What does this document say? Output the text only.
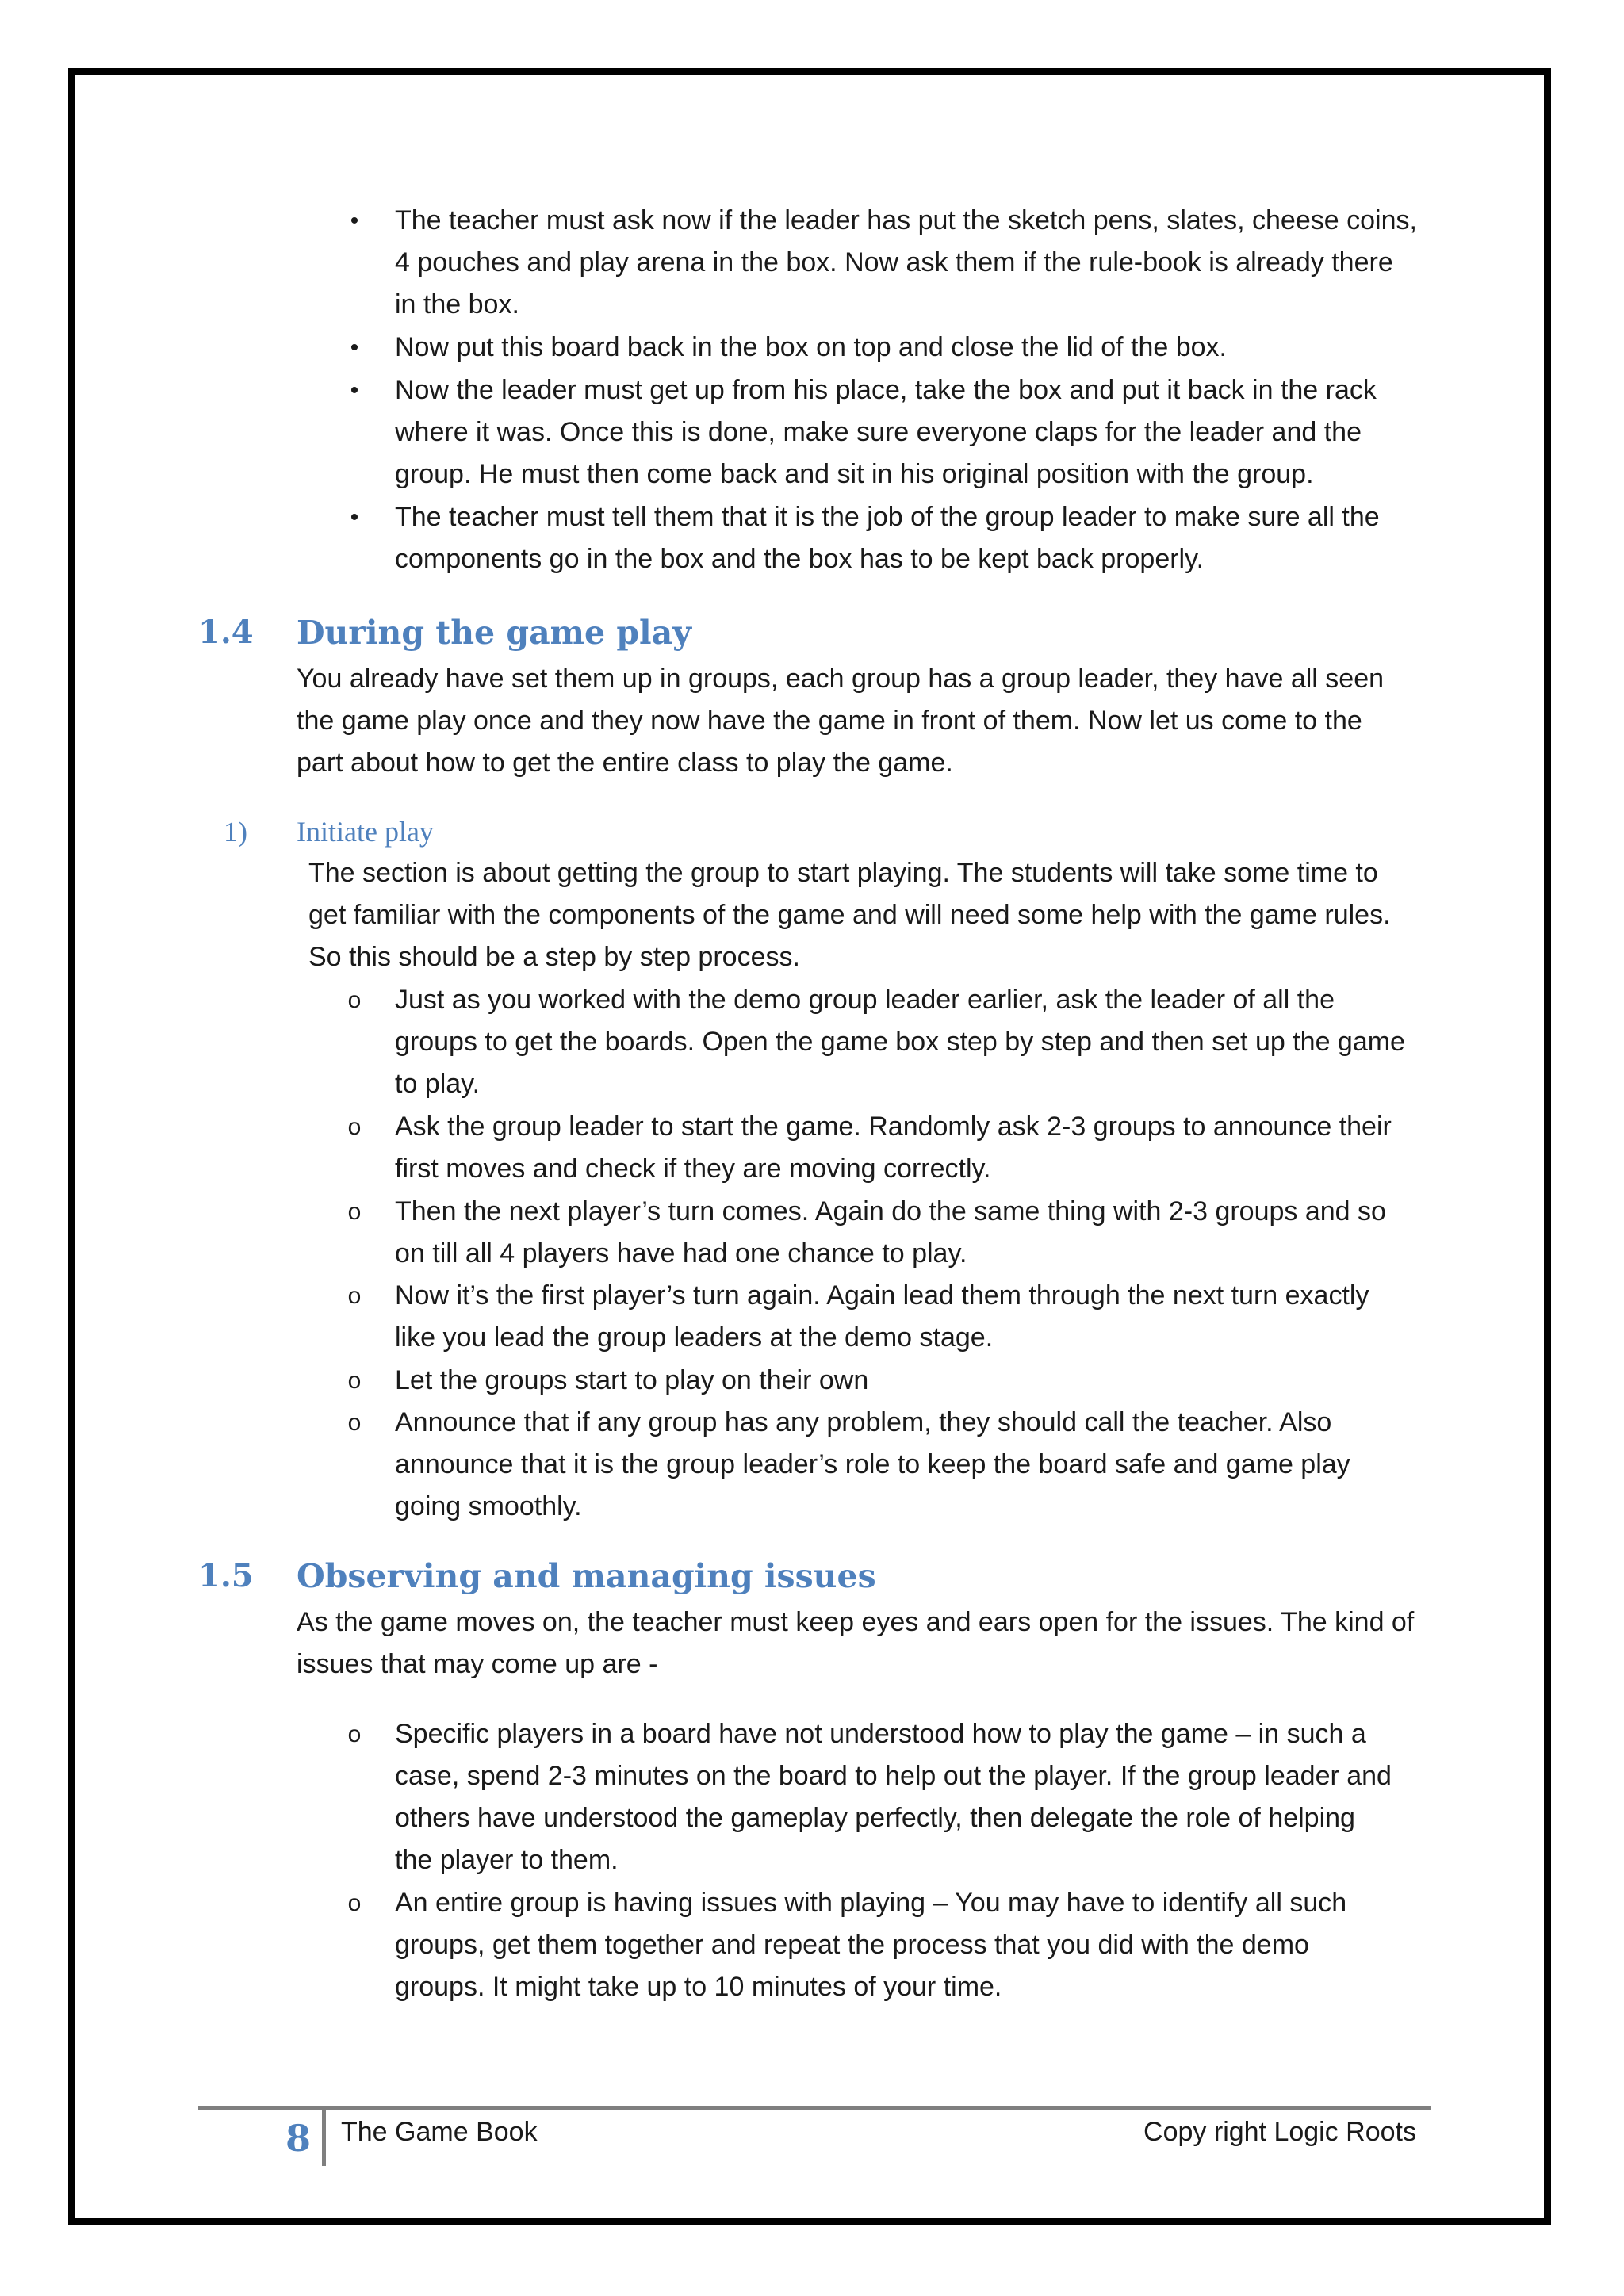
• The teacher must ask now if the leader has put the sketch pens, slates, cheese coins,
4 pouches and play arena in the box. Now ask them if the rule-book is already there
in the box.
• Now put this board back in the box on top and close the lid of the box.
• Now the leader must get up from his place, take the box and put it back in the rack
where it was. Once this is done, make sure everyone claps for the leader and the
group. He must then come back and sit in his original position with the group.
• The teacher must tell them that it is the job of the group leader to make sure all the
components go in the box and the box has to be kept back properly.
1.4 During the game play
You already have set them up in groups, each group has a group leader, they have all seen
the game play once and they now have the game in front of them. Now let us come to the
part about how to get the entire class to play the game.
1) Initiate play
The section is about getting the group to start playing. The students will take some time to
get familiar with the components of the game and will need some help with the game rules.
So this should be a step by step process.
o Just as you worked with the demo group leader earlier, ask the leader of all the
groups to get the boards. Open the game box step by step and then set up the game
to play.
o Ask the group leader to start the game. Randomly ask 2-3 groups to announce their
first moves and check if they are moving correctly.
o Then the next player’s turn comes. Again do the same thing with 2-3 groups and so
on till all 4 players have had one chance to play.
o Now it’s the first player’s turn again. Again lead them through the next turn exactly
like you lead the group leaders at the demo stage.
o Let the groups start to play on their own
o Announce that if any group has any problem, they should call the teacher. Also
announce that it is the group leader’s role to keep the board safe and game play
going smoothly.
1.5 Observing and managing issues
As the game moves on, the teacher must keep eyes and ears open for the issues. The kind of
issues that may come up are -
o Specific players in a board have not understood how to play the game – in such a
case, spend 2-3 minutes on the board to help out the player. If the group leader and
others have understood the gameplay perfectly, then delegate the role of helping
the player to them.
o An entire group is having issues with playing – You may have to identify all such
groups, get them together and repeat the process that you did with the demo
groups. It might take up to 10 minutes of your time.
8 The Game Book	Copy right Logic Roots
